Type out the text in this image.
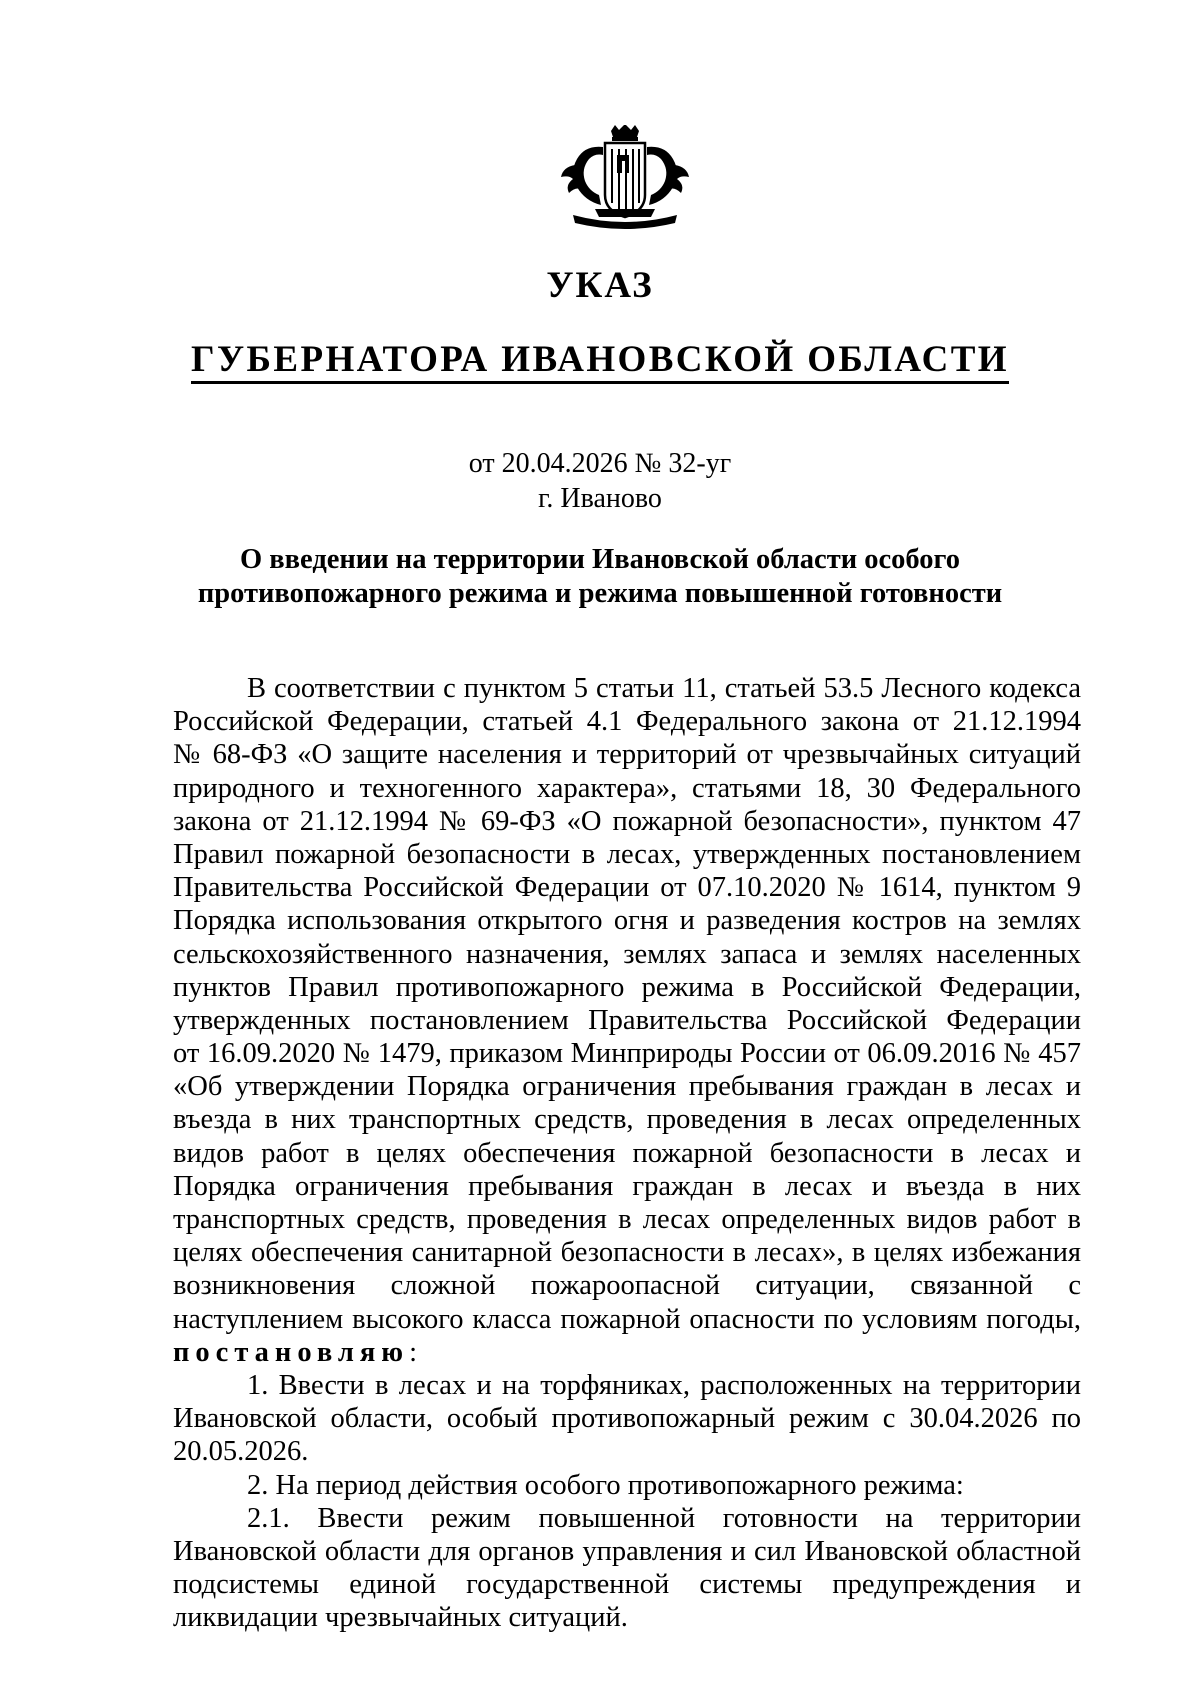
УКАЗ
ГУБЕРНАТОРА ИВАНОВСКОЙ ОБЛАСТИ
от 20.04.2026 № 32-уг
г. Иваново
О введении на территории Ивановской области особого
противопожарного режима и режима повышенной готовности
В соответствии с пунктом 5 статьи 11, статьей 53.5 Лесного кодекса
Российской Федерации, статьей 4.1 Федерального закона от 21.12.1994
№ 68-ФЗ «О защите населения и территорий от чрезвычайных ситуаций
природного и техногенного характера», статьями 18, 30 Федерального
закона от 21.12.1994 № 69-ФЗ «О пожарной безопасности», пунктом 47
Правил пожарной безопасности в лесах, утвержденных постановлением
Правительства Российской Федерации от 07.10.2020 № 1614, пунктом 9
Порядка использования открытого огня и разведения костров на землях
сельскохозяйственного назначения, землях запаса и землях населенных
пунктов Правил противопожарного режима в Российской Федерации,
утвержденных постановлением Правительства Российской Федерации
от 16.09.2020 № 1479, приказом Минприроды России от 06.09.2016 № 457
«Об утверждении Порядка ограничения пребывания граждан в лесах и
въезда в них транспортных средств, проведения в лесах определенных
видов работ в целях обеспечения пожарной безопасности в лесах и
Порядка ограничения пребывания граждан в лесах и въезда в них
транспортных средств, проведения в лесах определенных видов работ в
целях обеспечения санитарной безопасности в лесах», в целях избежания
возникновения сложной пожароопасной ситуации, связанной с
наступлением высокого класса пожарной опасности по условиям погоды,
постановляю:
1. Ввести в лесах и на торфяниках, расположенных на территории
Ивановской области, особый противопожарный режим с 30.04.2026 по
20.05.2026.
2. На период действия особого противопожарного режима:
2.1. Ввести режим повышенной готовности на территории
Ивановской области для органов управления и сил Ивановской областной
подсистемы единой государственной системы предупреждения и
ликвидации чрезвычайных ситуаций.
